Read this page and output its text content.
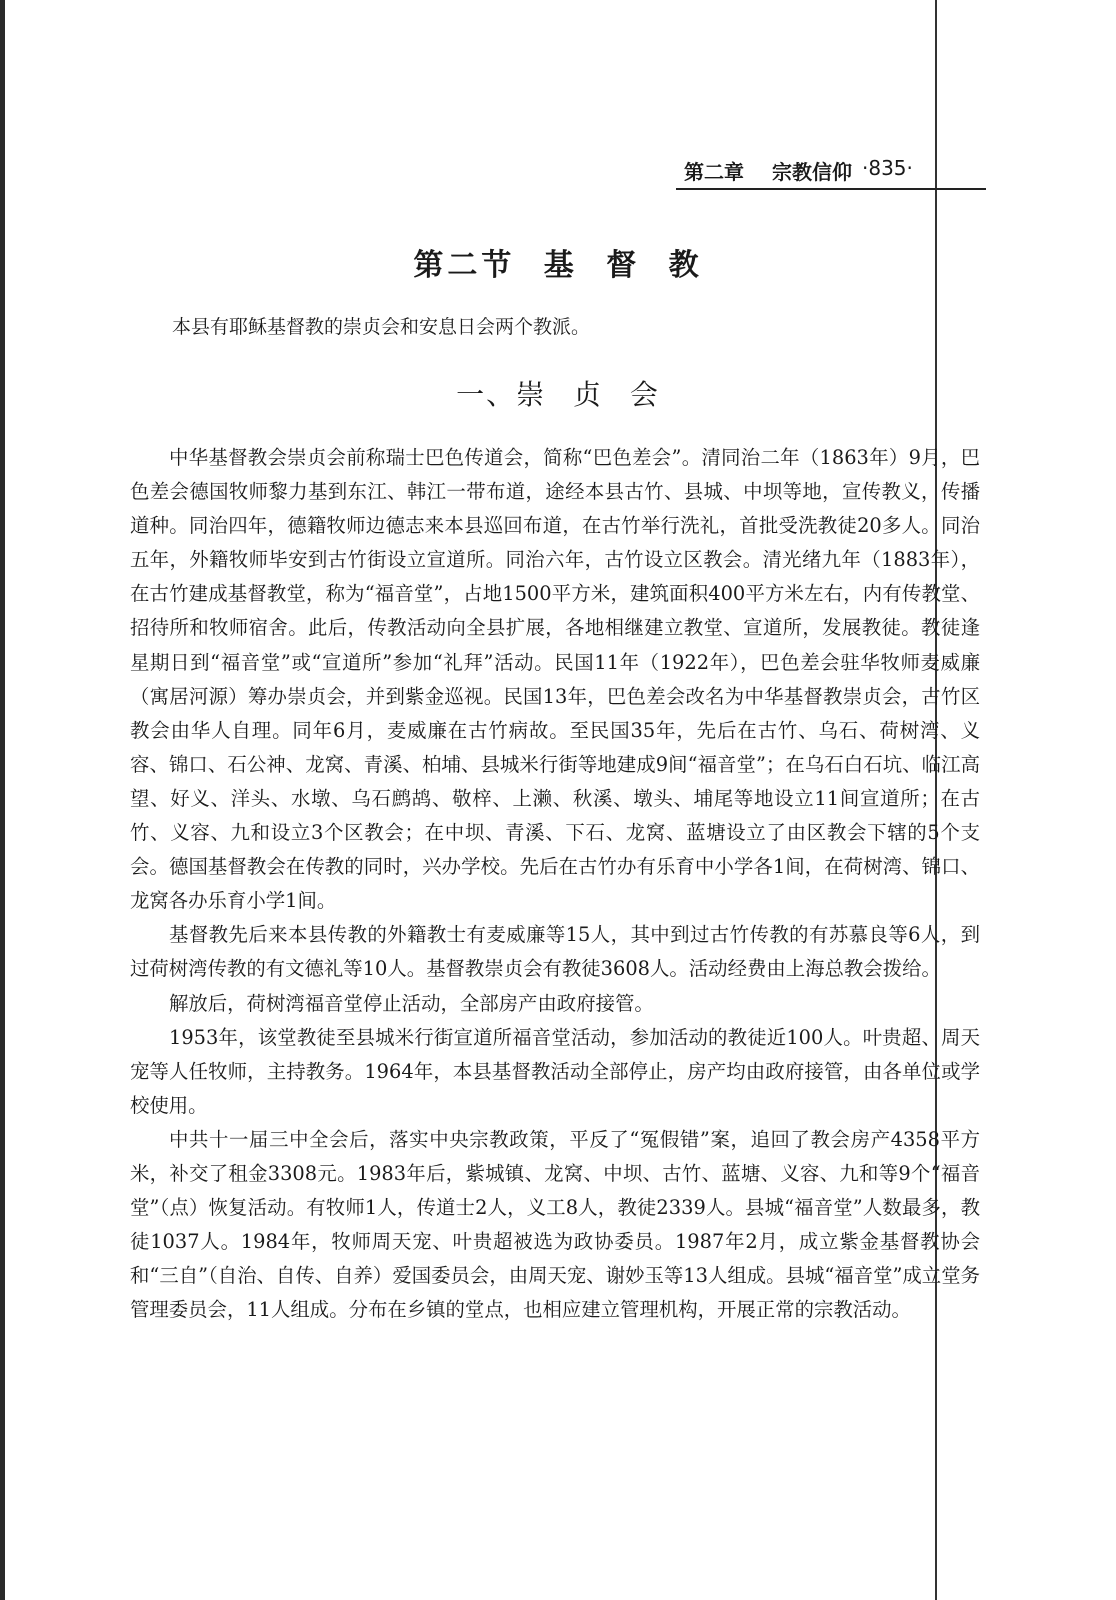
第二章 宗教信仰 ·835·
第二节 基 督 教
本县有耶稣基督教的崇贞会和安息日会两个教派。
一、崇 贞 会

中华基督教会崇贞会前称瑞士巴色传道会，简称“巴色差会”。清同治二年（1863年）9月，巴色差会德国牧师黎力基到东江、韩江一带布道，途经本县古竹、县城、中坝等地，宣传教义，传播道种。同治四年，德籍牧师边德志来本县巡回布道，在古竹举行洗礼，首批受洗教徒20多人。同治五年，外籍牧师毕安到古竹街设立宣道所。同治六年，古竹设立区教会。清光绪九年（1883年），在古竹建成基督教堂，称为“福音堂”，占地1500平方米，建筑面积400平方米左右，内有传教堂、招待所和牧师宿舍。此后，传教活动向全县扩展，各地相继建立教堂、宣道所，发展教徒。教徒逢星期日到“福音堂”或“宣道所”参加“礼拜”活动。民国11年（1922年），巴色差会驻华牧师麦威廉（寓居河源）筹办崇贞会，并到紫金巡视。民国13年，巴色差会改名为中华基督教崇贞会，古竹区教会由华人自理。同年6月，麦威廉在古竹病故。至民国35年，先后在古竹、乌石、荷树湾、义容、锦口、石公神、龙窝、青溪、柏埔、县城米行街等地建成9间“福音堂”；在乌石白石坑、临江高望、好义、洋头、水墩、乌石鹧鸪、敬梓、上濑、秋溪、墩头、埔尾等地设立11间宣道所；在古竹、义容、九和设立3个区教会；在中坝、青溪、下石、龙窝、蓝塘设立了由区教会下辖的5个支会。德国基督教会在传教的同时，兴办学校。先后在古竹办有乐育中小学各1间，在荷树湾、锦口、龙窝各办乐育小学1间。

基督教先后来本县传教的外籍教士有麦威廉等15人，其中到过古竹传教的有苏慕良等6人，到过荷树湾传教的有文德礼等10人。基督教崇贞会有教徒3608人。活动经费由上海总教会拨给。

解放后，荷树湾福音堂停止活动，全部房产由政府接管。

1953年，该堂教徒至县城米行街宣道所福音堂活动，参加活动的教徒近100人。叶贵超、周天宠等人任牧师，主持教务。1964年，本县基督教活动全部停止，房产均由政府接管，由各单位或学校使用。

中共十一届三中全会后，落实中央宗教政策，平反了“冤假错”案，追回了教会房产4358平方米，补交了租金3308元。1983年后，紫城镇、龙窝、中坝、古竹、蓝塘、义容、九和等9个“福音堂”（点）恢复活动。有牧师1人，传道士2人，义工8人，教徒2339人。县城“福音堂”人数最多，教徒1037人。1984年，牧师周天宠、叶贵超被选为政协委员。1987年2月，成立紫金基督教协会和“三自”（自治、自传、自养）爱国委员会，由周天宠、谢妙玉等13人组成。县城“福音堂”成立堂务管理委员会，11人组成。分布在乡镇的堂点，也相应建立管理机构，开展正常的宗教活动。
